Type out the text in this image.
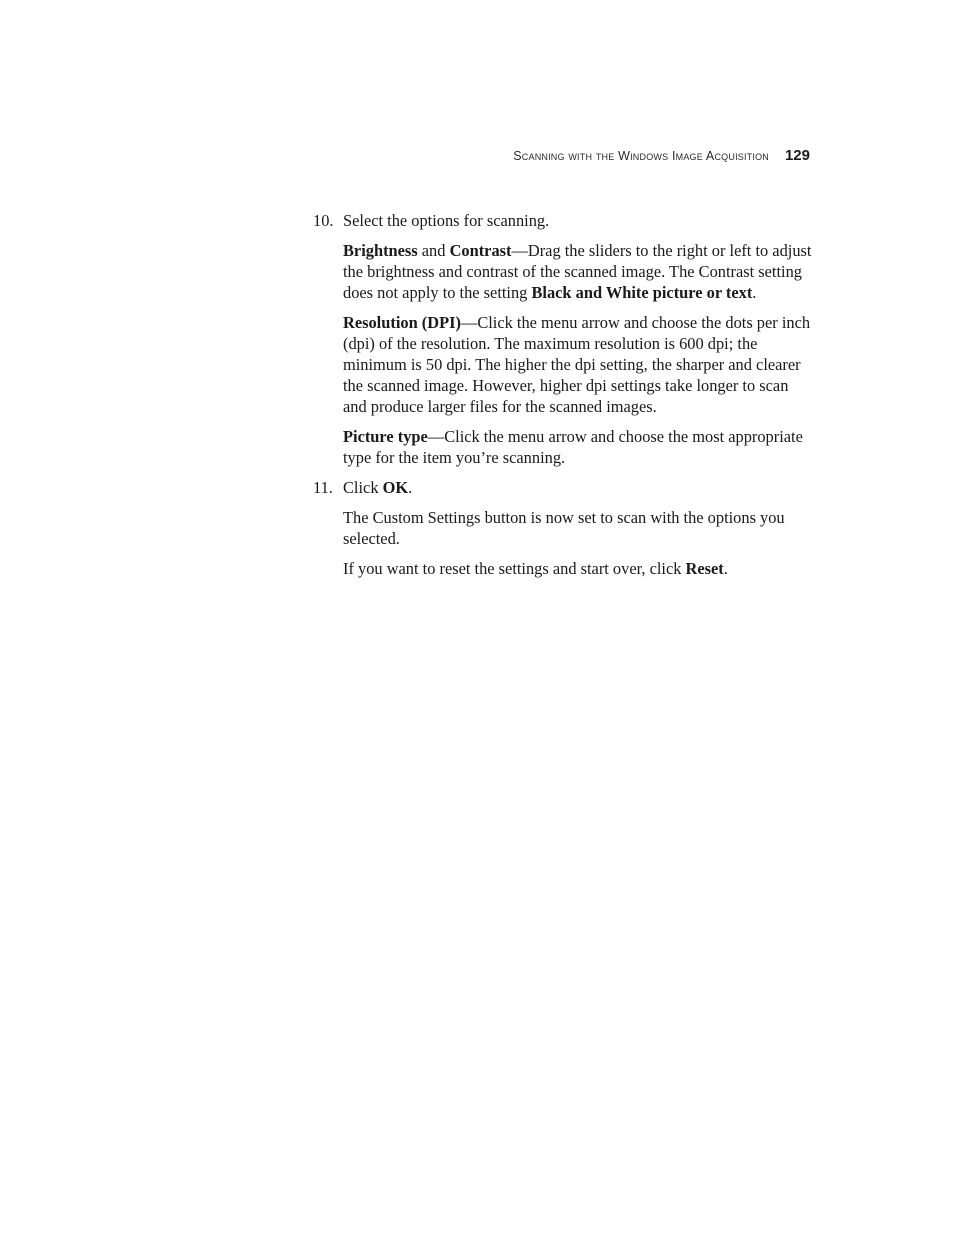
Scanning with the Windows Image Acquisition 129
10. Select the options for scanning.

Brightness and Contrast—Drag the sliders to the right or left to adjust the brightness and contrast of the scanned image. The Contrast setting does not apply to the setting Black and White picture or text.

Resolution (DPI)—Click the menu arrow and choose the dots per inch (dpi) of the resolution. The maximum resolution is 600 dpi; the minimum is 50 dpi. The higher the dpi setting, the sharper and clearer the scanned image. However, higher dpi settings take longer to scan and produce larger files for the scanned images.

Picture type—Click the menu arrow and choose the most appropriate type for the item you’re scanning.

11. Click OK.

The Custom Settings button is now set to scan with the options you selected.

If you want to reset the settings and start over, click Reset.
